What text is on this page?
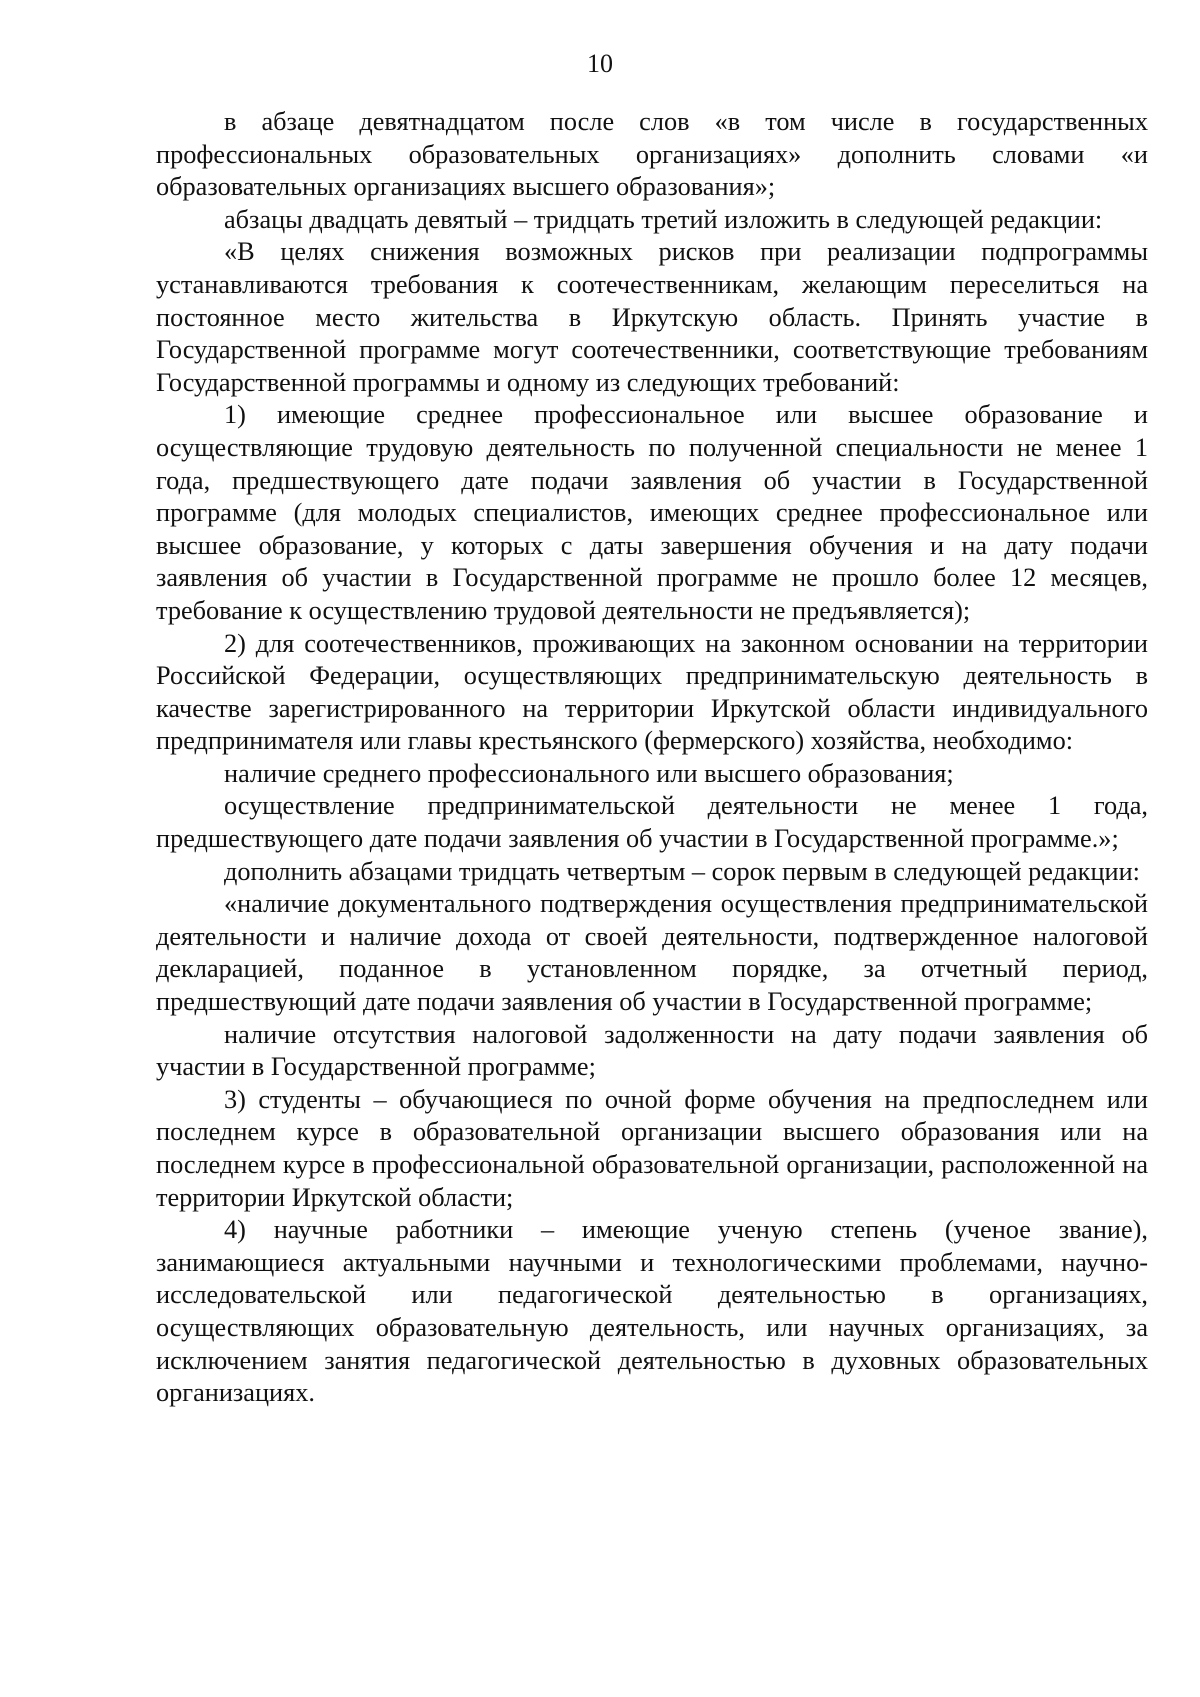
10

в абзаце девятнадцатом после слов «в том числе в государственных профессиональных образовательных организациях» дополнить словами «и образовательных организациях высшего образования»;

абзацы двадцать девятый – тридцать третий изложить в следующей редакции:

«В целях снижения возможных рисков при реализации подпрограммы устанавливаются требования к соотечественникам, желающим переселиться на постоянное место жительства в Иркутскую область. Принять участие в Государственной программе могут соотечественники, соответствующие требованиям Государственной программы и одному из следующих требований:

1) имеющие среднее профессиональное или высшее образование и осуществляющие трудовую деятельность по полученной специальности не менее 1 года, предшествующего дате подачи заявления об участии в Государственной программе (для молодых специалистов, имеющих среднее профессиональное или высшее образование, у которых с даты завершения обучения и на дату подачи заявления об участии в Государственной программе не прошло более 12 месяцев, требование к осуществлению трудовой деятельности не предъявляется);

2) для соотечественников, проживающих на законном основании на территории Российской Федерации, осуществляющих предпринимательскую деятельность в качестве зарегистрированного на территории Иркутской области индивидуального предпринимателя или главы крестьянского (фермерского) хозяйства, необходимо:

наличие среднего профессионального или высшего образования;

осуществление предпринимательской деятельности не менее 1 года, предшествующего дате подачи заявления об участии в Государственной программе.»;

дополнить абзацами тридцать четвертым – сорок первым в следующей редакции:

«наличие документального подтверждения осуществления предпринимательской деятельности и наличие дохода от своей деятельности, подтвержденное налоговой декларацией, поданное в установленном порядке, за отчетный период, предшествующий дате подачи заявления об участии в Государственной программе;

наличие отсутствия налоговой задолженности на дату подачи заявления об участии в Государственной программе;

3) студенты – обучающиеся по очной форме обучения на предпоследнем или последнем курсе в образовательной организации высшего образования или на последнем курсе в профессиональной образовательной организации, расположенной на территории Иркутской области;

4) научные работники – имеющие ученую степень (ученое звание), занимающиеся актуальными научными и технологическими проблемами, научно-исследовательской или педагогической деятельностью в организациях, осуществляющих образовательную деятельность, или научных организациях, за исключением занятия педагогической деятельностью в духовных образовательных организациях.
